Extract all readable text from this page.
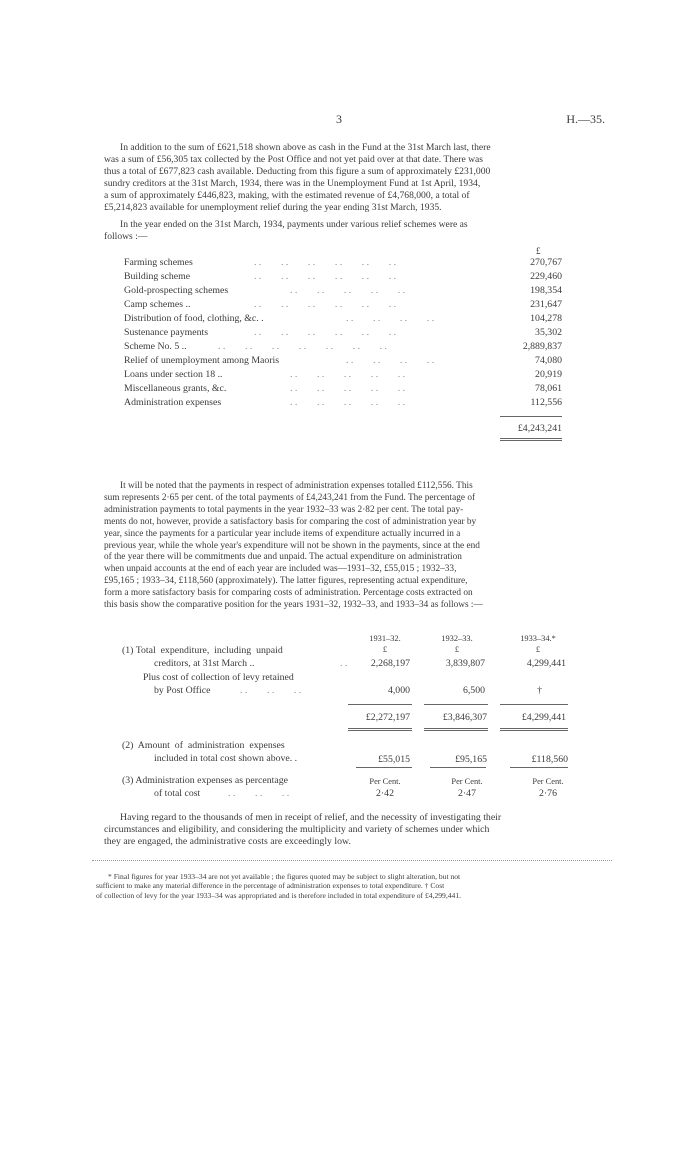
3	H.—35.
In addition to the sum of £621,518 shown above as cash in the Fund at the 31st March last, there
was a sum of £56,305 tax collected by the Post Office and not yet paid over at that date. There was
thus a total of £677,823 cash available. Deducting from this figure a sum of approximately £231,000
sundry creditors at the 31st March, 1934, there was in the Unemployment Fund at 1st April, 1934,
a sum of approximately £446,823, making, with the estimated revenue of £4,768,000, a total of
£5,214,823 available for unemployment relief during the year ending 31st March, 1935.
In the year ended on the 31st March, 1934, payments under various relief schemes were as
follows :—
£
Farming schemes	. .        . .        . .        . .        . .        . .	270,767
Building scheme	. .        . .        . .        . .        . .        . .	229,460
Gold-prospecting schemes	. .        . .        . .        . .        . .	198,354
Camp schemes ..	. .        . .        . .        . .        . .        . .	231,647
Distribution of food, clothing, &c. .	. .        . .        . .        . .	104,278
Sustenance payments	. .        . .        . .        . .        . .        . .	35,302
Scheme No. 5 ..	. .        . .        . .        . .        . .        . .        . .	2,889,837
Relief of unemployment among Maoris	. .        . .        . .        . .	74,080
Loans under section 18 ..	. .        . .        . .        . .        . .	20,919
Miscellaneous grants, &c.	. .        . .        . .        . .        . .	78,061
Administration expenses	. .        . .        . .        . .        . .	112,556
£4,243,241
It will be noted that the payments in respect of administration expenses totalled £112,556. This
sum represents 2·65 per cent. of the total payments of £4,243,241 from the Fund. The percentage of
administration payments to total payments in the year 1932–33 was 2·82 per cent. The total pay-
ments do not, however, provide a satisfactory basis for comparing the cost of administration year by
year, since the payments for a particular year include items of expenditure actually incurred in a
previous year, while the whole year's expenditure will not be shown in the payments, since at the end
of the year there will be commitments due and unpaid. The actual expenditure on administration
when unpaid accounts at the end of each year are included was—1931–32, £55,015 ; 1932–33,
£95,165 ; 1933–34, £118,560 (approximately). The latter figures, representing actual expenditure,
form a more satisfactory basis for comparing costs of administration. Percentage costs extracted on
this basis show the comparative position for the years 1931–32, 1932–33, and 1933–34 as follows :—
1931–32.	1932–33.	1933–34.*
£	£	£
(1) Total  expenditure,  including  unpaid
creditors, at 31st March ..	. . 2,268,197	3,839,807	4,299,441
Plus cost of collection of levy retained
by Post Office	. .        . .        . .	4,000	6,500	†
£2,272,197	£3,846,307	£4,299,441
(2)  Amount  of  administration  expenses
included in total cost shown above. .	£55,015	£95,165	£118,560
(3) Administration expenses as percentage
of total cost	. .        . .        . .
Per Cent.	Per Cent.	Per Cent.
2·42	2·47	2·76
Having regard to the thousands of men in receipt of relief, and the necessity of investigating their
circumstances and eligibility, and considering the multiplicity and variety of schemes under which
they are engaged, the administrative costs are exceedingly low.
* Final figures for year 1933–34 are not yet available ; the figures quoted may be subject to slight alteration, but not
sufficient to make any material difference in the percentage of administration expenses to total expenditure. † Cost
of collection of levy for the year 1933–34 was appropriated and is therefore included in total expenditure of £4,299,441.
